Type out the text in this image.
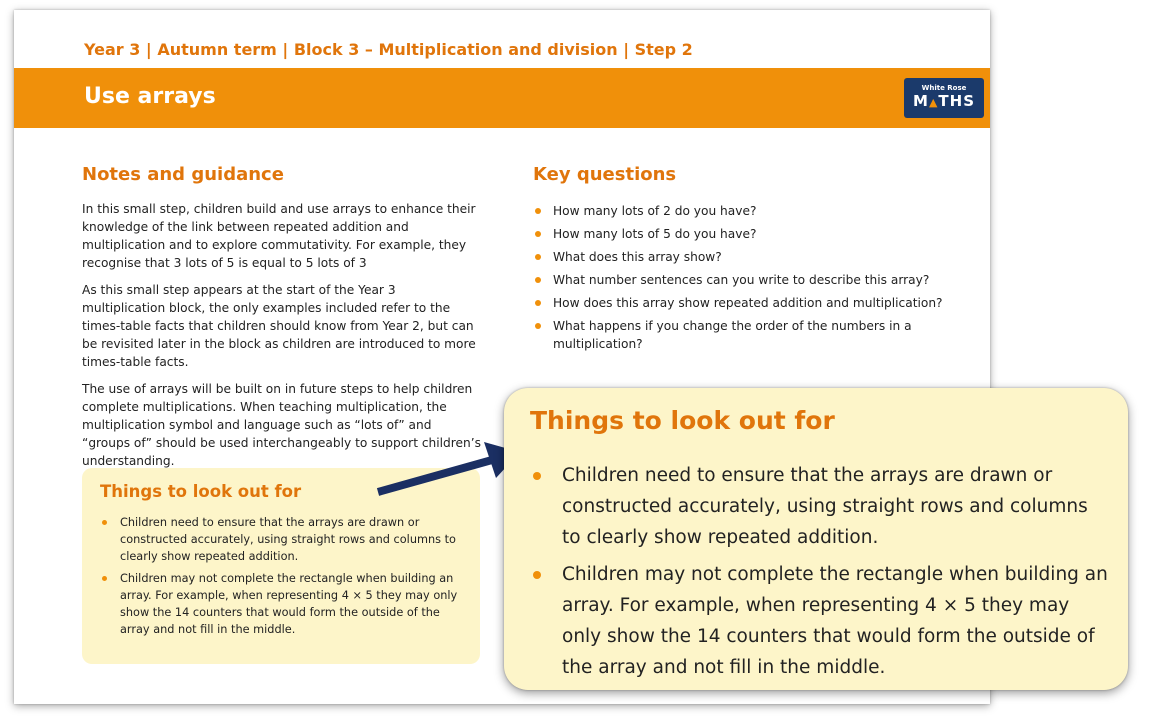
Year 3 | Autumn term | Block 3 – Multiplication and division | Step 2
Use arrays	White Rose
M▲THS
Notes and guidance

In this small step, children build and use arrays to enhance their knowledge of the link between repeated addition and multiplication and to explore commutativity. For example, they recognise that 3 lots of 5 is equal to 5 lots of 3

As this small step appears at the start of the Year 3 multiplication block, the only examples included refer to the times-table facts that children should know from Year 2, but can be revisited later in the block as children are introduced to more times-table facts.

The use of arrays will be built on in future steps to help children complete multiplications. When teaching multiplication, the multiplication symbol and language such as “lots of” and “groups of” should be used interchangeably to support children’s understanding.

Key questions
How many lots of 2 do you have?
How many lots of 5 do you have?
What does this array show?
What number sentences can you write to describe this array?
How does this array show repeated addition and multiplication?
What happens if you change the order of the numbers in a multiplication?
Things to look out for
Children need to ensure that the arrays are drawn or constructed accurately, using straight rows and columns to clearly show repeated addition.
Children may not complete the rectangle when building an array. For example, when representing 4 × 5 they may only show the 14 counters that would form the outside of the array and not fill in the middle.
Things to look out for
Children need to ensure that the arrays are drawn or constructed accurately, using straight rows and columns to clearly show repeated addition.
Children may not complete the rectangle when building an array. For example, when representing 4 × 5 they may only show the 14 counters that would form the outside of the array and not fill in the middle.
